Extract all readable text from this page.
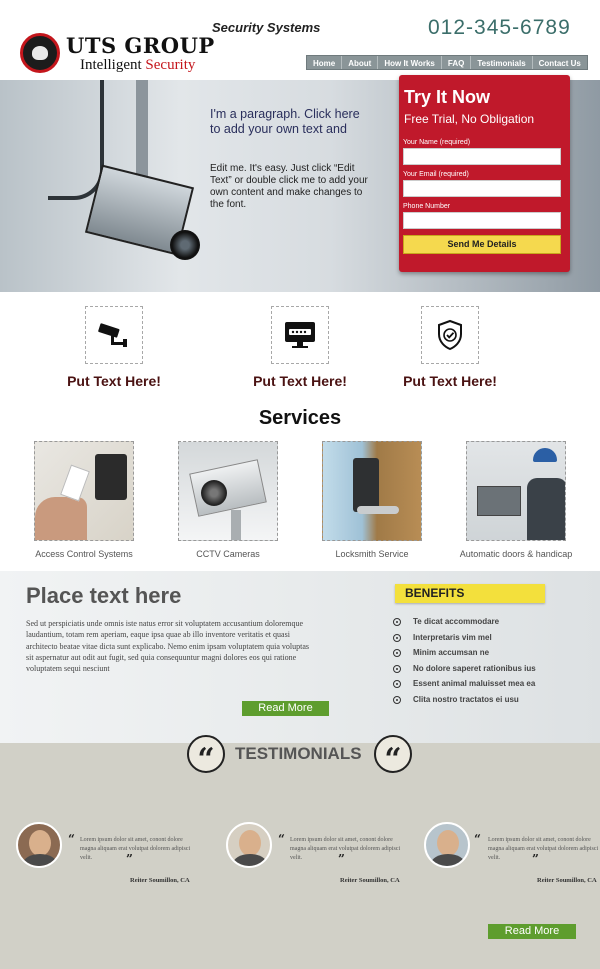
UTS GROUP
Intelligent Security
Security Systems	012-345-6789
Home	About	How It Works	FAQ	Testimonials	Contact Us
I'm a paragraph. Click here to add your own text and
Edit me. It's easy. Just click “Edit Text” or double click me to add your own content and make changes to the font.
Try It Now
Free Trial, No Obligation
Your Name (required)
Your Email (required)
Phone Number
Send Me Details
Put Text Here!	Put Text Here!	Put Text Here!
Services
Access Control Systems	CCTV Cameras	Locksmith Service	Automatic doors & handicap
Place text here
Sed ut perspiciatis unde omnis iste natus error sit voluptatem accusantium doloremque laudantium, totam rem aperiam, eaque ipsa quae ab illo inventore veritatis et quasi architecto beatae vitae dicta sunt explicabo. Nemo enim ipsam voluptatem quia voluptas sit aspernatur aut odit aut fugit, sed quia consequuntur magni dolores eos qui ratione voluptatem sequi nesciunt
Read More
BENEFITS
Te dicat accommodare
Interpretaris vim mel
Minim accumsan ne
No dolore saperet rationibus ius
Essent animal maluisset mea ea
Clita nostro tractatos ei usu
“	TESTIMONIALS “
“ Lorem ipsum dolor sit amet, conont dolore magna aliquam erat volutpat dolorem adipisci velit.	”
Reiter Soumillon, CA
“ Lorem ipsum dolor sit amet, conont dolore magna aliquam erat volutpat dolorem adipisci velit.	”
Reiter Soumillon, CA
“ Lorem ipsum dolor sit amet, conont dolore magna aliquam erat volutpat dolorem adipisci velit.	”
Reiter Soumillon, CA
Read More
